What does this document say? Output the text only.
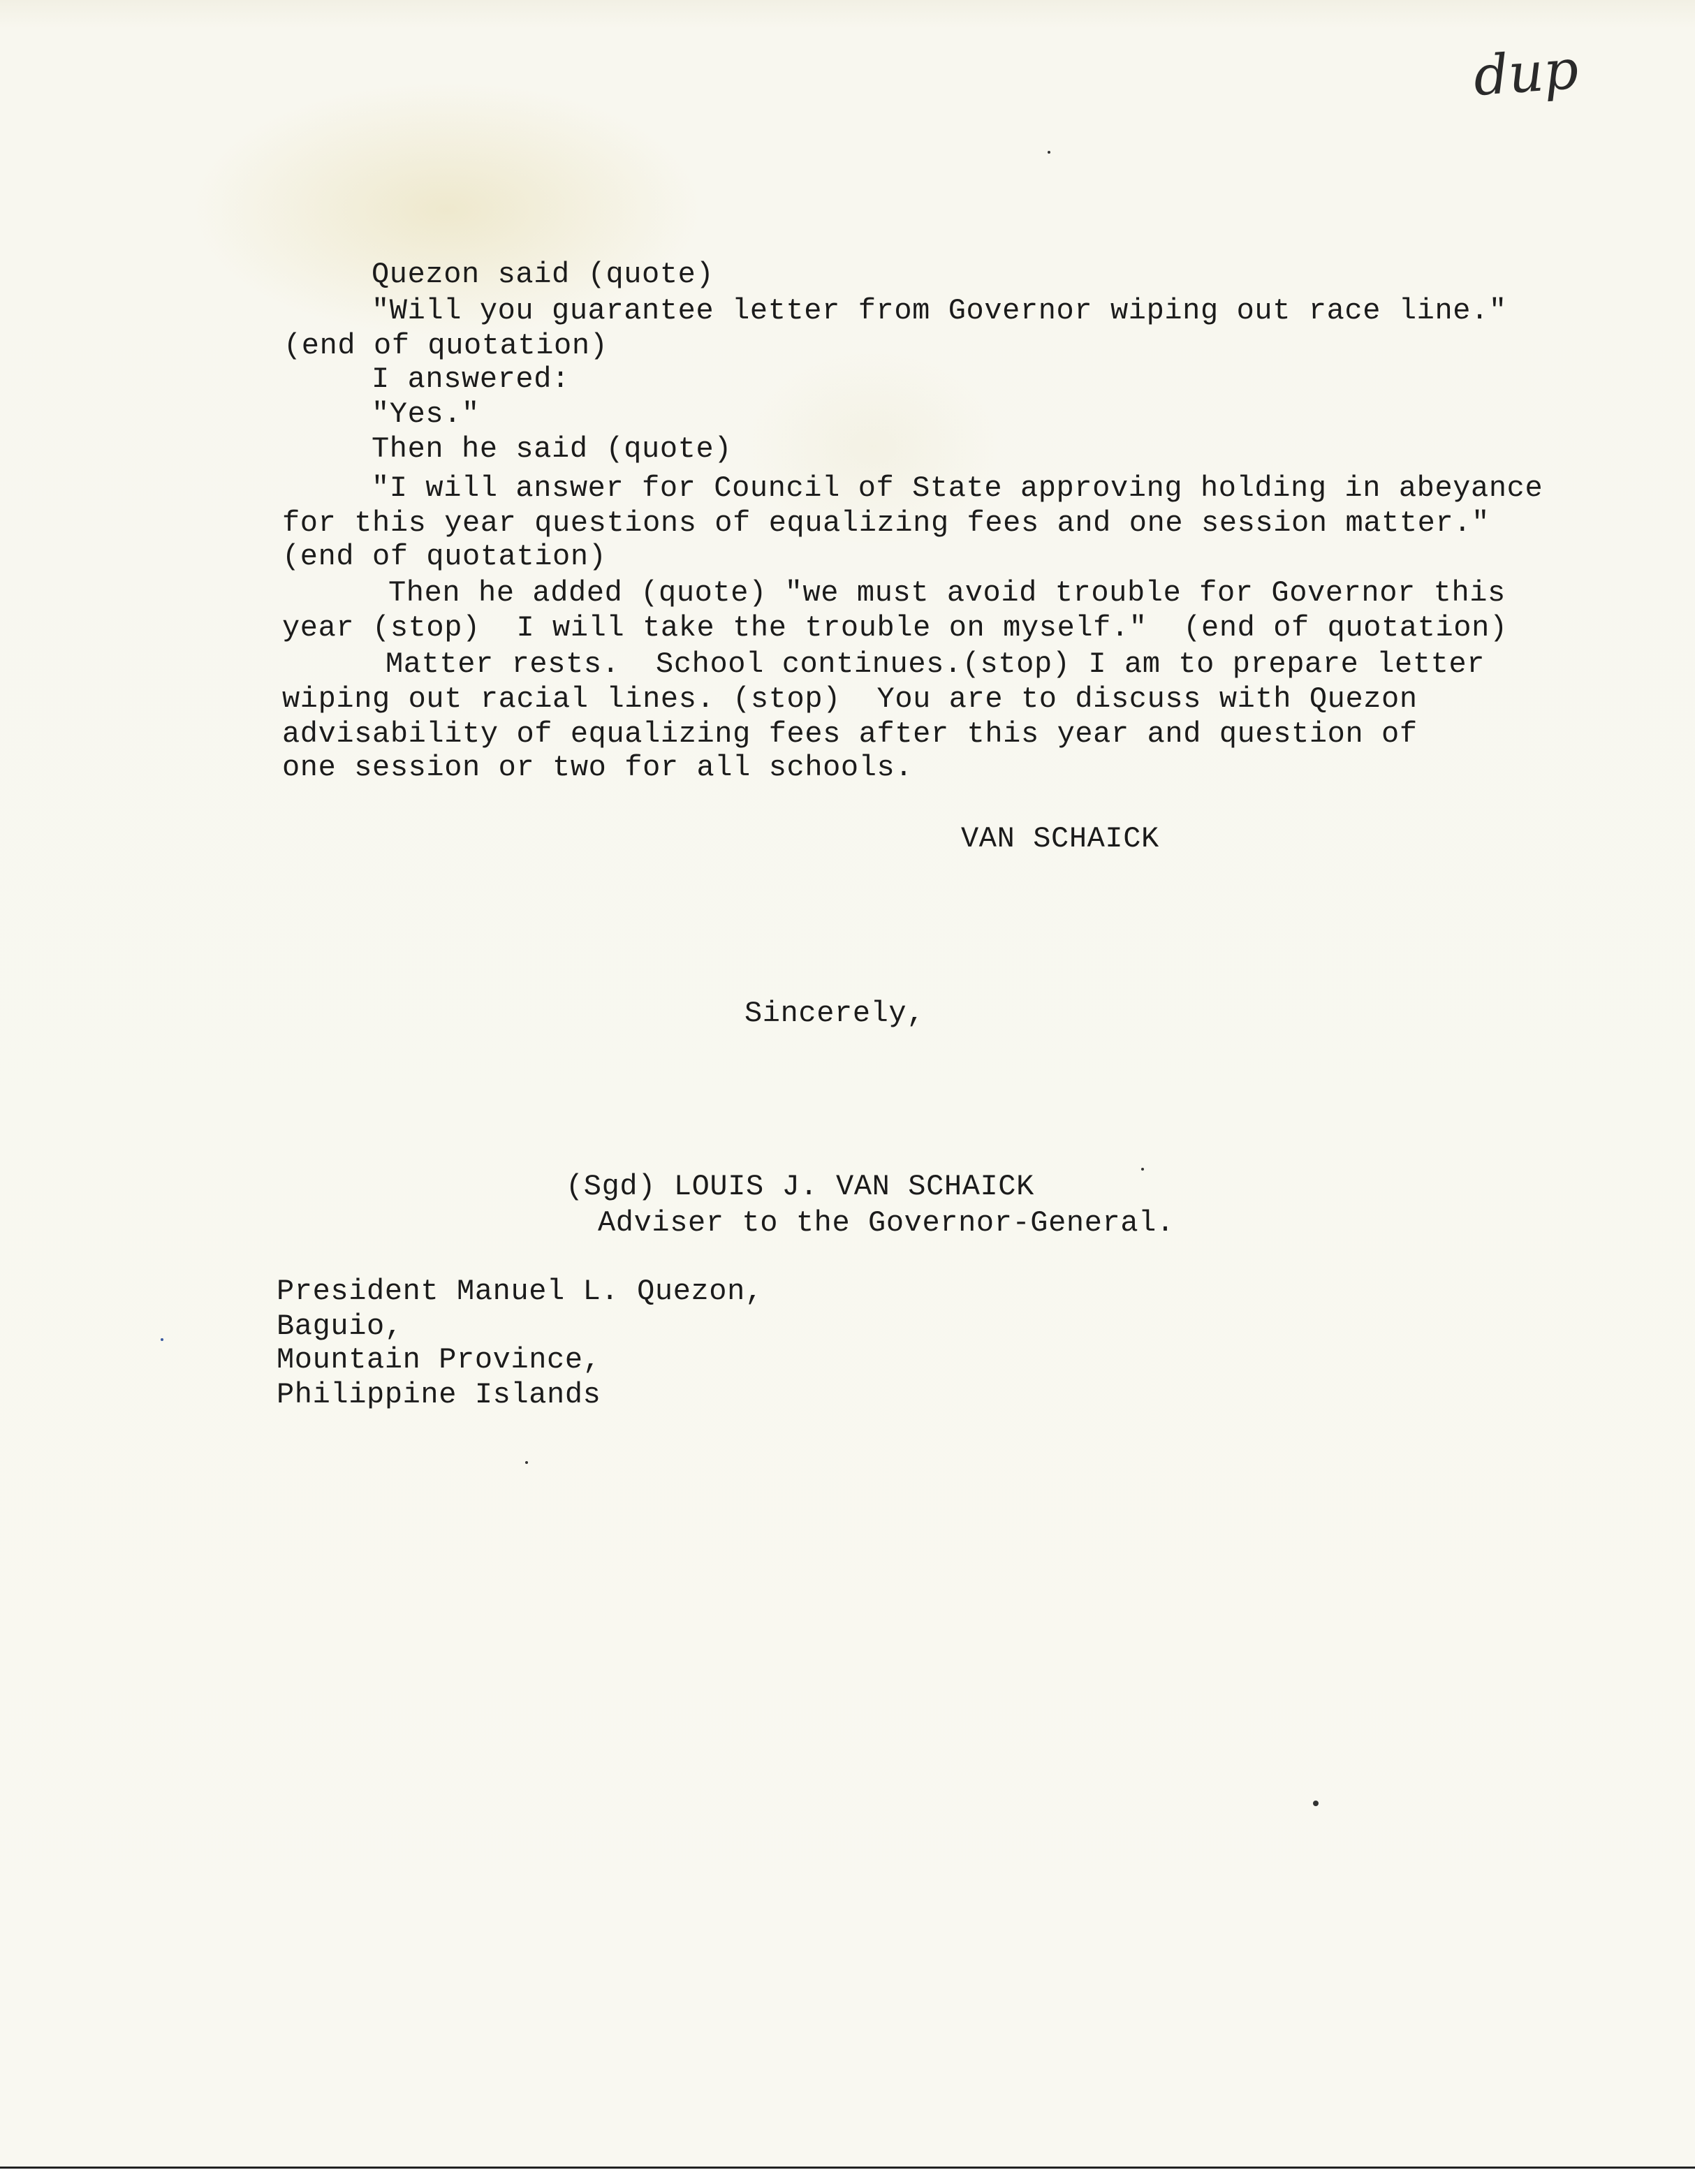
dup
Quezon said (quote)
"Will you guarantee letter from Governor wiping out race line."
(end of quotation)
I answered:
"Yes."
Then he said (quote)
"I will answer for Council of State approving holding in abeyance
for this year questions of equalizing fees and one session matter."
(end of quotation)
Then he added (quote) "we must avoid trouble for Governor this
year (stop)  I will take the trouble on myself."  (end of quotation)
Matter rests.  School continues.(stop) I am to prepare letter
wiping out racial lines. (stop)  You are to discuss with Quezon
advisability of equalizing fees after this year and question of
one session or two for all schools.
VAN SCHAICK
Sincerely,
(Sgd) LOUIS J. VAN SCHAICK
Adviser to the Governor-General.
President Manuel L. Quezon,
Baguio,
Mountain Province,
Philippine Islands
